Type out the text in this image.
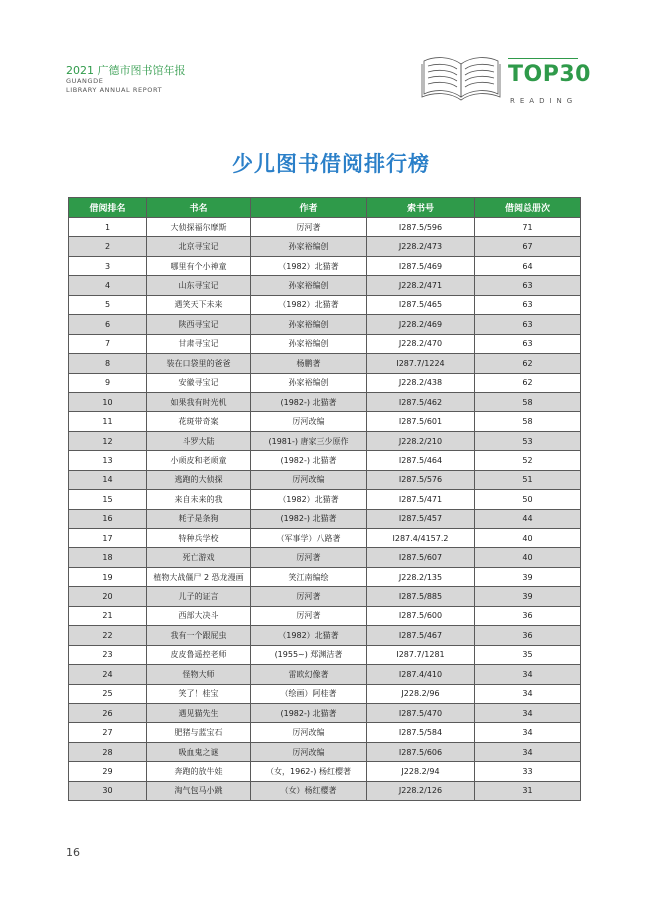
2021 广德市图书馆年报
GUANGDE
LIBRARY ANNUAL REPORT
TOP30
READING
少儿图书借阅排行榜
借阅排名	书名	作者	索书号	借阅总册次
1	大侦探福尔摩斯	厉河著	I287.5/596	71
2	北京寻宝记	孙家裕编创	J228.2/473	67
3	哪里有个小神童	（1982）北猫著	I287.5/469	64
4	山东寻宝记	孙家裕编创	J228.2/471	63
5	遇笑天下未来	（1982）北猫著	I287.5/465	63
6	陕西寻宝记	孙家裕编创	J228.2/469	63
7	甘肃寻宝记	孙家裕编创	J228.2/470	63
8	装在口袋里的爸爸	杨鹏著	I287.7/1224	62
9	安徽寻宝记	孙家裕编创	J228.2/438	62
10	如果我有时光机	(1982-) 北猫著	I287.5/462	58
11	花斑带奇案	厉河改编	I287.5/601	58
12	斗罗大陆	(1981-) 唐家三少原作	J228.2/210	53
13	小顽皮和老顽童	(1982-) 北猫著	I287.5/464	52
14	逃跑的大侦探	厉河改编	I287.5/576	51
15	来自未来的我	（1982）北猫著	I287.5/471	50
16	耗子是条狗	(1982-) 北猫著	I287.5/457	44
17	特种兵学校	（军事学）八路著	I287.4/4157.2	40
18	死亡游戏	厉河著	I287.5/607	40
19	植物大战僵尸 2 恐龙漫画	笑江南编绘	J228.2/135	39
20	儿子的证言	厉河著	I287.5/885	39
21	西部大决斗	厉河著	I287.5/600	36
22	我有一个跟屁虫	（1982）北猫著	I287.5/467	36
23	皮皮鲁遥控老师	(1955~) 郑渊洁著	I287.7/1281	35
24	怪物大师	雷欧幻像著	I287.4/410	34
25	笑了！桂宝	（绘画）阿桂著	J228.2/96	34
26	遇见猫先生	(1982-) 北猫著	I287.5/470	34
27	肥猪与蓝宝石	厉河改编	I287.5/584	34
28	吸血鬼之谜	厉河改编	I287.5/606	34
29	奔跑的放牛娃	（女，1962-) 杨红樱著	J228.2/94	33
30	淘气包马小跳	（女）杨红樱著	J228.2/126	31
16
